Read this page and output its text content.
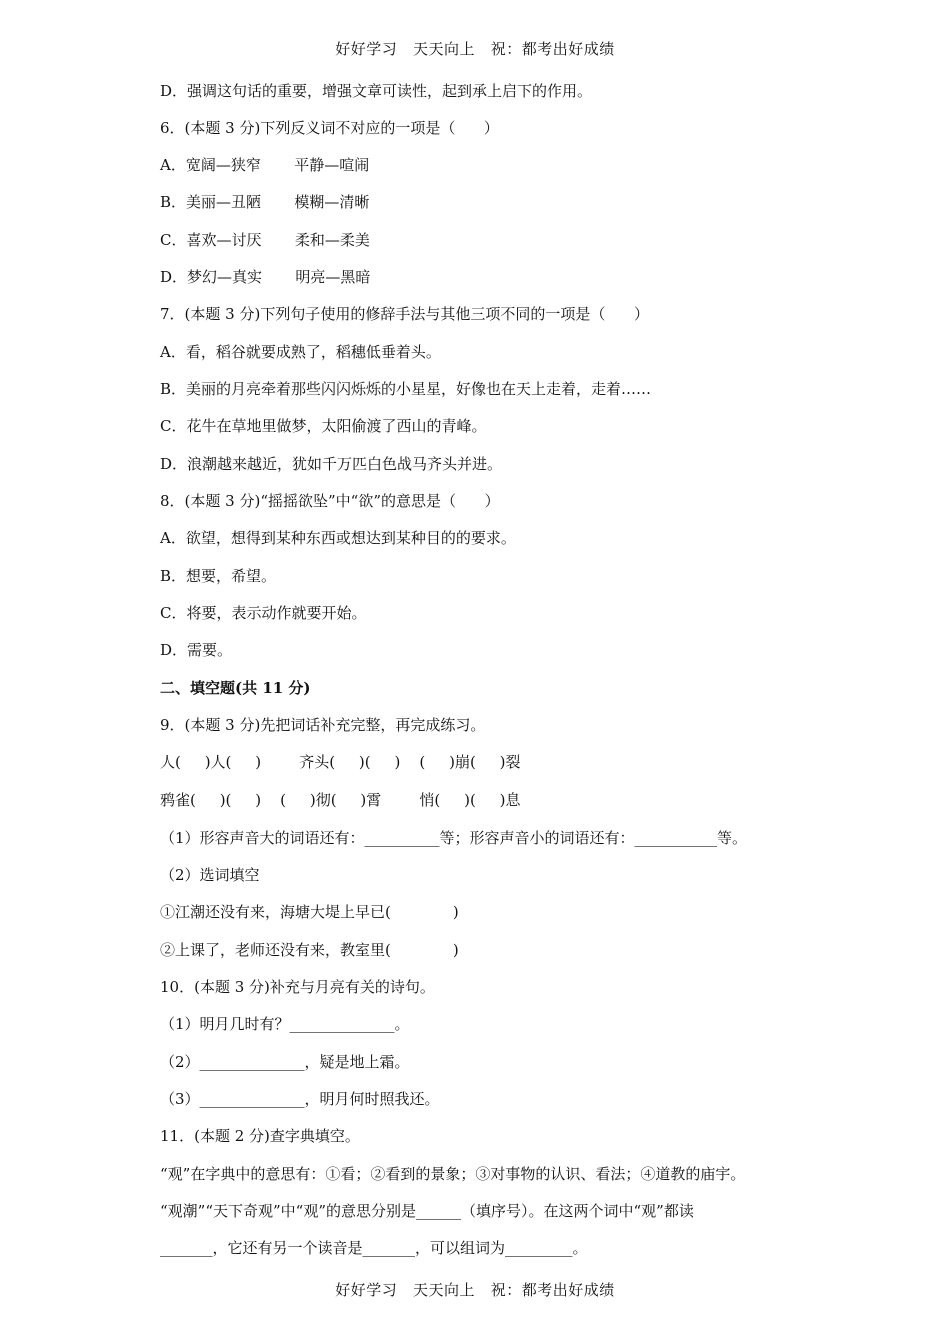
好好学习   天天向上   祝：都考出好成绩
D．强调这句话的重要，增强文章可读性，起到承上启下的作用。
6．(本题 3 分)下列反义词不对应的一项是（      ）
A．宽阔—狭窄       平静—喧闹
B．美丽—丑陋       模糊—清晰
C．喜欢—讨厌       柔和—柔美
D．梦幻—真实       明亮—黑暗
7．(本题 3 分)下列句子使用的修辞手法与其他三项不同的一项是（      ）
A．看，稻谷就要成熟了，稻穗低垂着头。
B．美丽的月亮牵着那些闪闪烁烁的小星星，好像也在天上走着，走着……
C．花牛在草地里做梦，太阳偷渡了西山的青峰。
D．浪潮越来越近，犹如千万匹白色战马齐头并进。
8．(本题 3 分)“摇摇欲坠”中“欲”的意思是（      ）
A．欲望，想得到某种东西或想达到某种目的的要求。
B．想要，希望。
C．将要，表示动作就要开始。
D．需要。
二、填空题(共 11 分)
9．(本题 3 分)先把词话补充完整，再完成练习。
人(     )人(     )        齐头(     )(     )    (     )崩(     )裂
鸦雀(     )(     )    (     )彻(     )霄        悄(     )(     )息
（1）形容声音大的词语还有：__________等；形容声音小的词语还有：___________等。
（2）选词填空
①江潮还没有来，海塘大堤上早已(             )
②上课了，老师还没有来，教室里(             )
10．(本题 3 分)补充与月亮有关的诗句。
（1）明月几时有？______________。
（2）______________，疑是地上霜。
（3）______________，明月何时照我还。
11．(本题 2 分)查字典填空。
“观”在字典中的意思有：①看；②看到的景象；③对事物的认识、看法；④道教的庙宇。
“观潮”“天下奇观”中“观”的意思分别是______（填序号）。在这两个词中“观”都读
_______，它还有另一个读音是_______，可以组词为_________。
好好学习   天天向上   祝：都考出好成绩
